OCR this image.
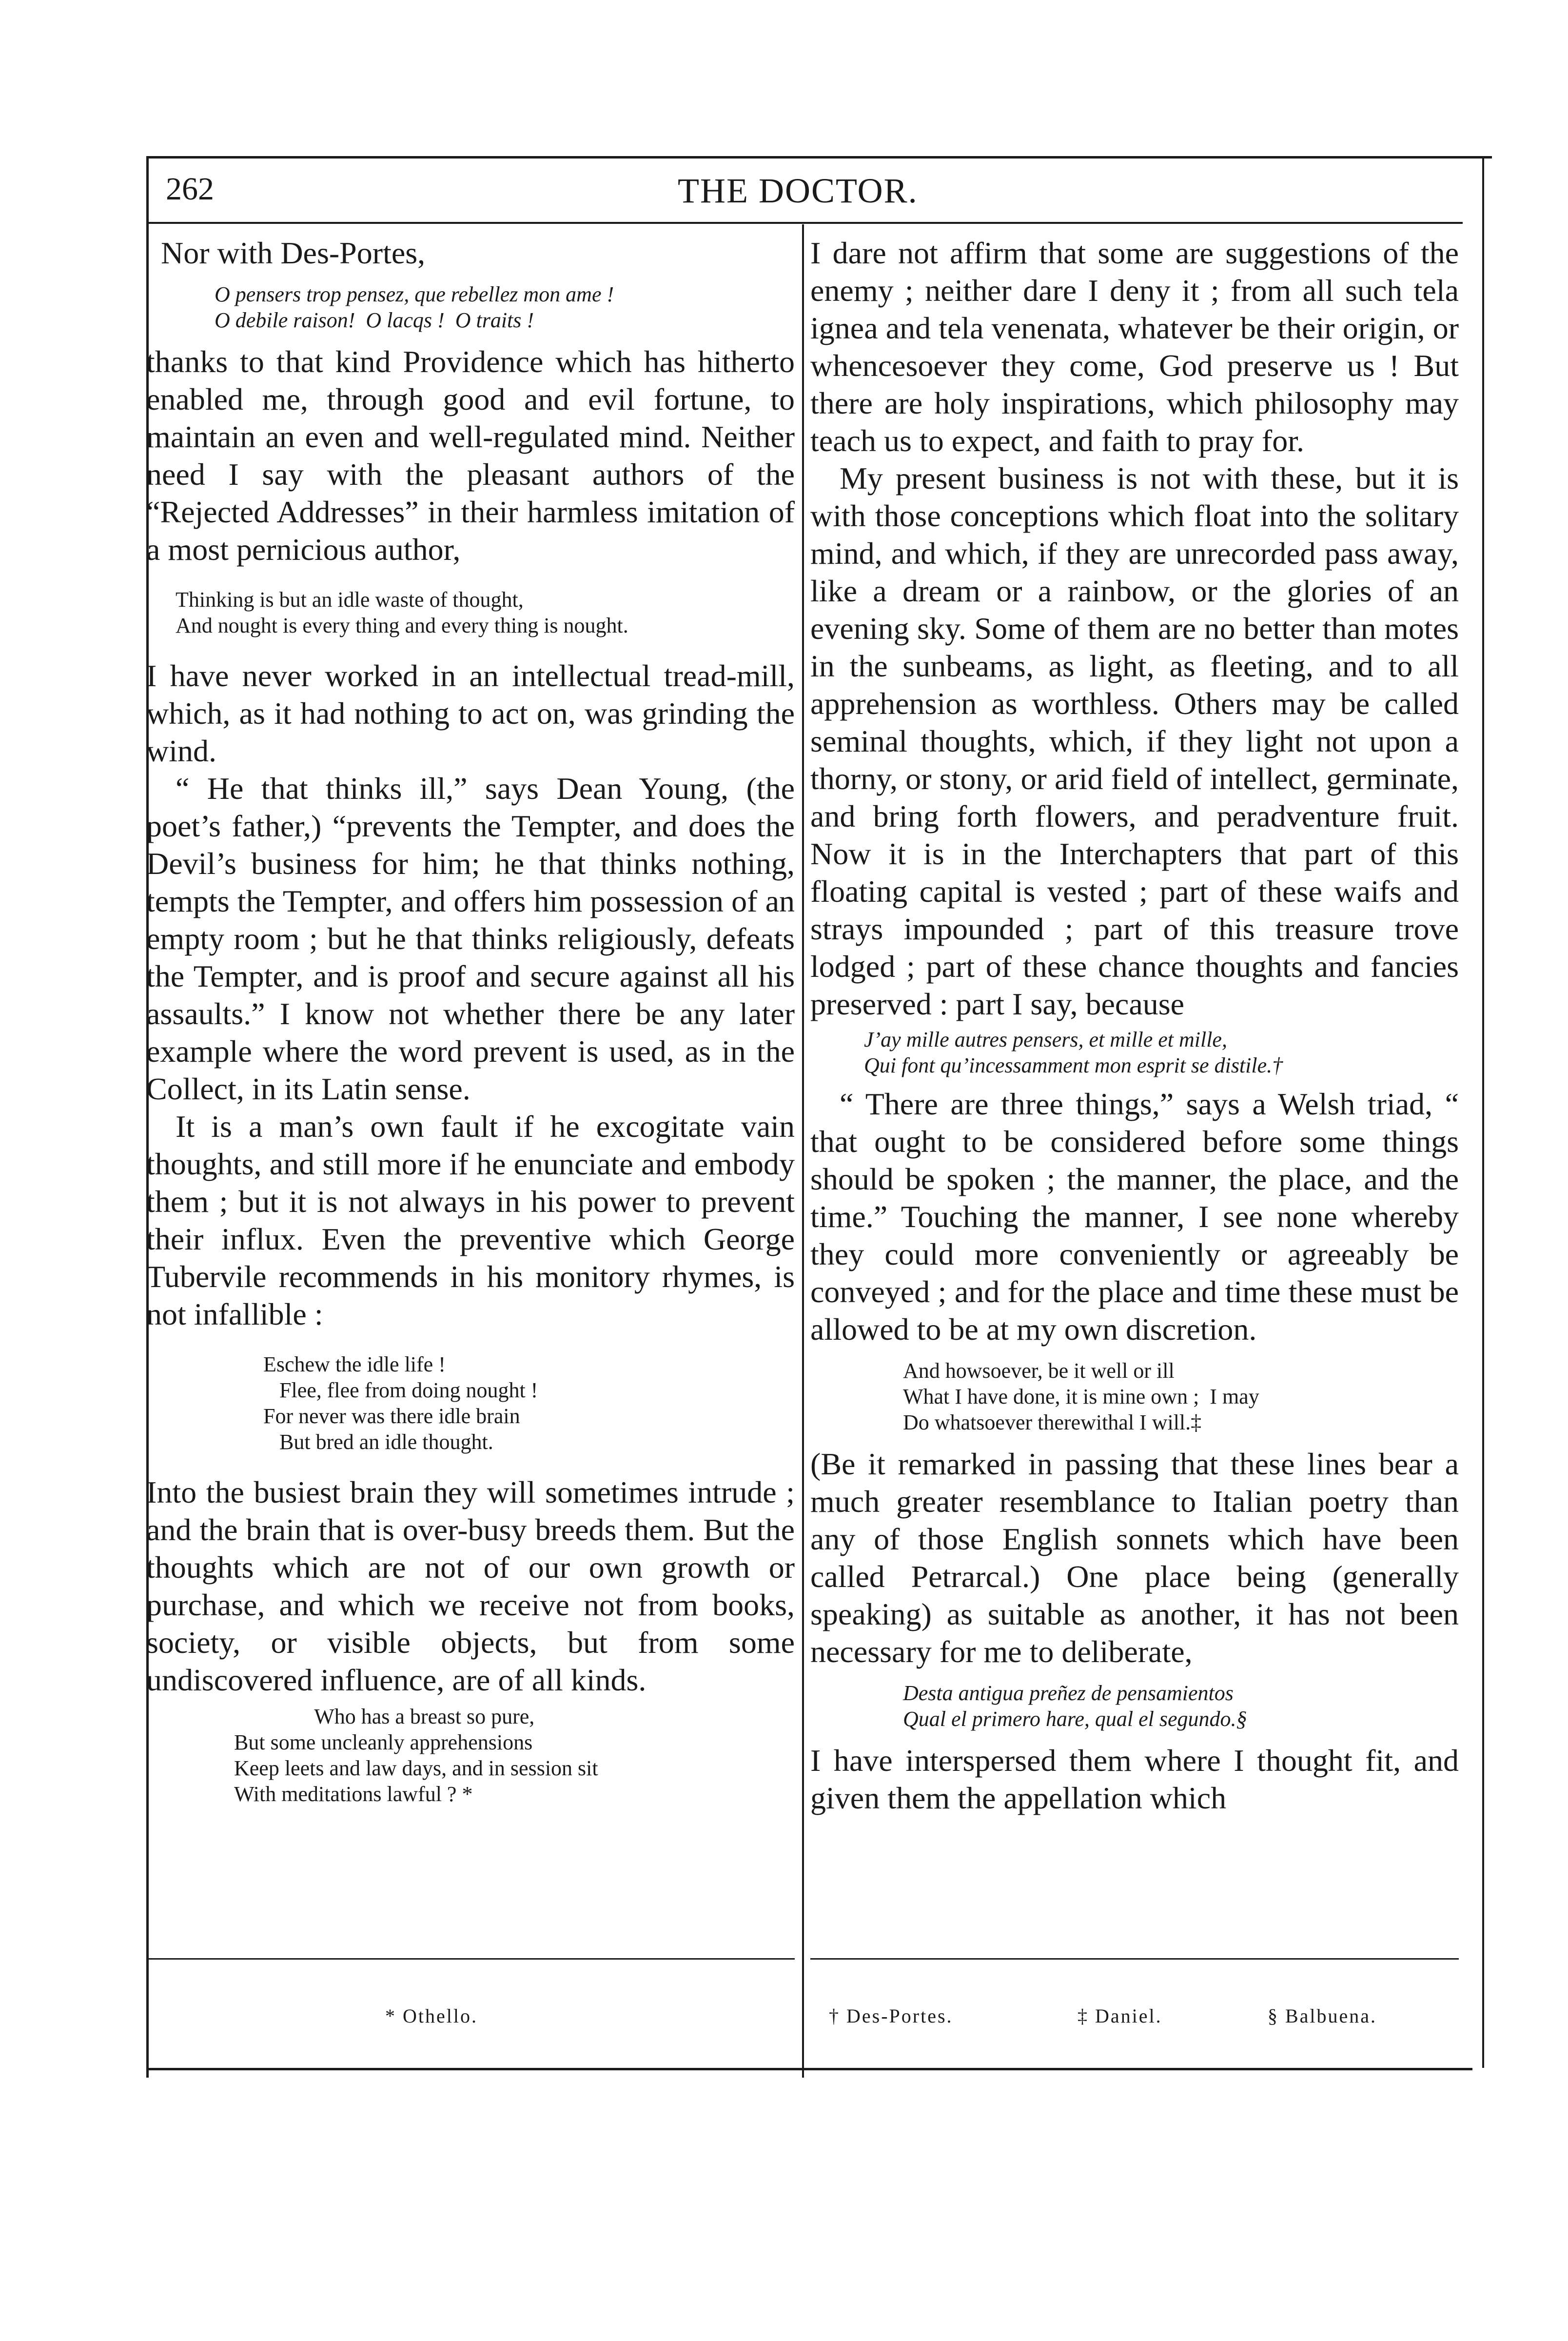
262	THE DOCTOR.

Nor with Des-Portes,

O pensers trop pensez, que rebellez mon ame !
O debile raison!  O lacqs !  O traits !

thanks to that kind Providence which has hitherto enabled me, through good and evil fortune, to maintain an even and well-regulated mind. Neither need I say with the pleasant authors of the “Rejected Addresses” in their harmless imitation of a most pernicious author,

Thinking is but an idle waste of thought,
And nought is every thing and every thing is nought.

I have never worked in an intellectual tread-mill, which, as it had nothing to act on, was grinding the wind.

“ He that thinks ill,” says Dean Young, (the poet’s father,) “prevents the Tempter, and does the Devil’s business for him; he that thinks nothing, tempts the Tempter, and offers him possession of an empty room ; but he that thinks religiously, defeats the Tempter, and is proof and secure against all his assaults.” I know not whether there be any later example where the word prevent is used, as in the Collect, in its Latin sense.

It is a man’s own fault if he excogitate vain thoughts, and still more if he enunciate and embody them ; but it is not always in his power to prevent their influx. Even the preventive which George Tubervile recommends in his monitory rhymes, is not infallible :

Eschew the idle life !
Flee, flee from doing nought !
For never was there idle brain
But bred an idle thought.

Into the busiest brain they will sometimes intrude ; and the brain that is over-busy breeds them. But the thoughts which are not of our own growth or purchase, and which we receive not from books, society, or visible objects, but from some undiscovered influence, are of all kinds.

Who has a breast so pure,
But some uncleanly apprehensions
Keep leets and law days, and in session sit
With meditations lawful ? *
* Othello.

I dare not affirm that some are suggestions of the enemy ; neither dare I deny it ; from all such tela ignea and tela venenata, whatever be their origin, or whencesoever they come, God preserve us ! But there are holy inspirations, which philosophy may teach us to expect, and faith to pray for.

My present business is not with these, but it is with those conceptions which float into the solitary mind, and which, if they are unrecorded pass away, like a dream or a rainbow, or the glories of an evening sky. Some of them are no better than motes in the sunbeams, as light, as fleeting, and to all apprehension as worthless. Others may be called seminal thoughts, which, if they light not upon a thorny, or stony, or arid field of intellect, germinate, and bring forth flowers, and peradventure fruit. Now it is in the Interchapters that part of this floating capital is vested ; part of these waifs and strays impounded ; part of this treasure trove lodged ; part of these chance thoughts and fancies preserved : part I say, because

J’ay mille autres pensers, et mille et mille,
Qui font qu’incessamment mon esprit se distile.†

“ There are three things,” says a Welsh triad, “ that ought to be considered before some things should be spoken ; the manner, the place, and the time.” Touching the manner, I see none whereby they could more conveniently or agreeably be conveyed ; and for the place and time these must be allowed to be at my own discretion.

And howsoever, be it well or ill
What I have done, it is mine own ;  I may
Do whatsoever therewithal I will.‡

(Be it remarked in passing that these lines bear a much greater resemblance to Italian poetry than any of those English sonnets which have been called Petrarcal.) One place being (generally speaking) as suitable as another, it has not been necessary for me to deliberate,

Desta antigua preñez de pensamientos
Qual el primero hare, qual el segundo.§

I have interspersed them where I thought fit, and given them the appellation which

† Des-Portes.	‡ Daniel.	§ Balbuena.
